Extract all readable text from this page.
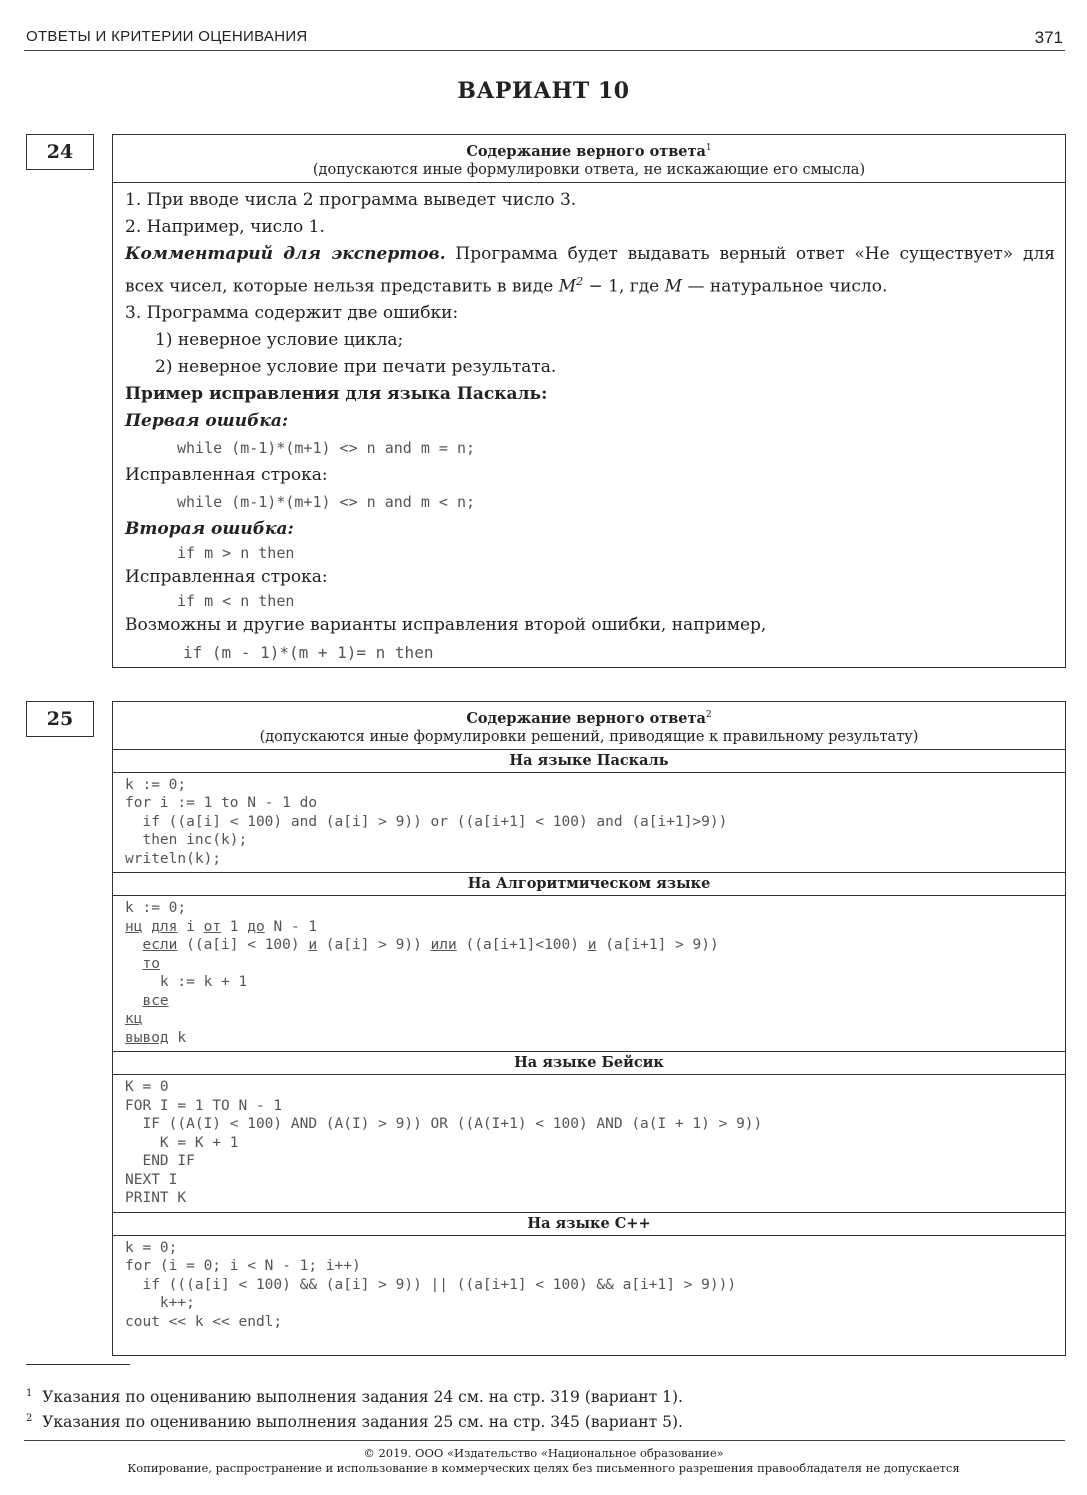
ОТВЕТЫ И КРИТЕРИИ ОЦЕНИВАНИЯ	371
ВАРИАНТ 10
24	Содержание верного ответа$^1$
(допускаются иные формулировки ответа, не искажающие его смысла)
1. При вводе числа 2 программа выведет число 3.
2. Например, число 1.
Комментарий для экспертов. Программа будет выдавать верный ответ «Не существует» для всех чисел, которые нельзя представить в виде $M^2 - 1$, где M — натуральное число.
3. Программа содержит две ошибки:
1) неверное условие цикла;
2) неверное условие при печати результата.
Пример исправления для языка Паскаль:
Первая ошибка:
while (m-1)*(m+1) <> n and m = n;
Исправленная строка:
while (m-1)*(m+1) <> n and m < n;
Вторая ошибка:
if m > n then
Исправленная строка:
if m < n then
Возможны и другие варианты исправления второй ошибки, например,
if (m - 1)*(m + 1)= n then
25	Содержание верного ответа$^2$
(допускаются иные формулировки решений, приводящие к правильному результату)
На языке Паскаль
k := 0;
for i := 1 to N - 1 do
if ((a[i] < 100) and (a[i] > 9)) or ((a[i+1] < 100) and (a[i+1]>9))
then inc(k);
writeln(k);
На Алгоритмическом языке
k := 0;
нц для i от 1 до N - 1
если ((a[i] < 100) и (a[i] > 9)) или ((a[i+1]<100) и (a[i+1] > 9))
то
k := k + 1
все
кц
вывод k
На языке Бейсик
K = 0
FOR I = 1 TO N - 1
IF ((A(I) < 100) AND (A(I) > 9)) OR ((A(I+1) < 100) AND (a(I + 1) > 9))
K = K + 1
END IF
NEXT I
PRINT K
На языке C++
k = 0;
for (i = 0; i < N - 1; i++)
if (((a[i] < 100) && (a[i] > 9)) || ((a[i+1] < 100) && a[i+1] > 9)))
k++;
cout << k << endl;
$^1$ Указания по оцениванию выполнения задания 24 см. на стр. 319 (вариант 1).
$^2$ Указания по оцениванию выполнения задания 25 см. на стр. 345 (вариант 5).
© 2019. ООО «Издательство «Национальное образование»
Копирование, распространение и использование в коммерческих целях без письменного разрешения правообладателя не допускается
